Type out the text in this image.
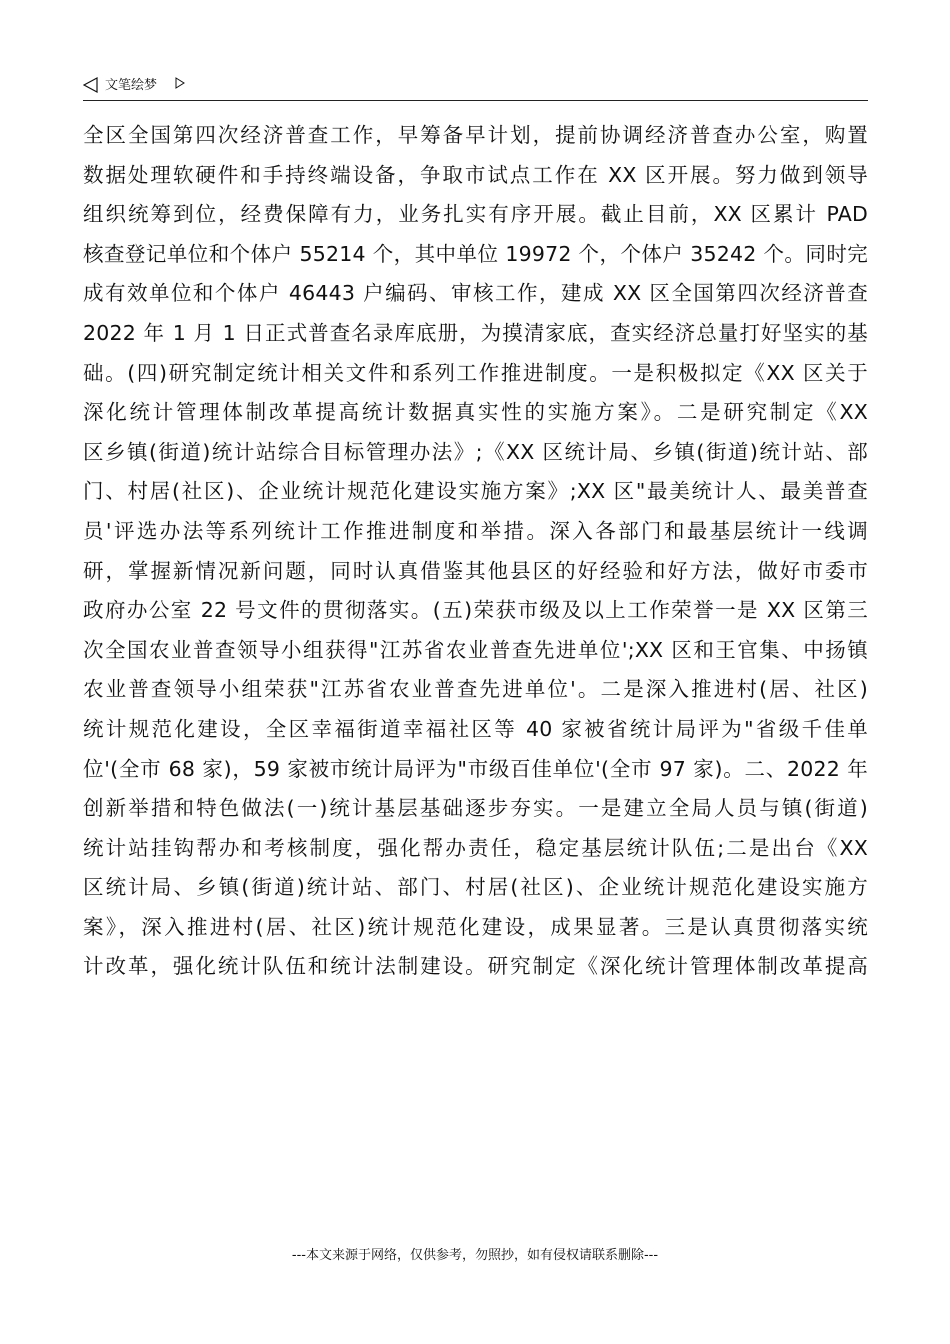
文笔绘梦
全区全国第四次经济普查工作，早筹备早计划，提前协调经济普查办公室，购置
数据处理软硬件和手持终端设备，争取市试点工作在 XX 区开展。努力做到领导
组织统筹到位，经费保障有力，业务扎实有序开展。截止目前，XX 区累计 PAD
核查登记单位和个体户 55214 个，其中单位 19972 个，个体户 35242 个。同时完
成有效单位和个体户 46443 户编码、审核工作，建成 XX 区全国第四次经济普查
2022 年 1 月 1 日正式普查名录库底册，为摸清家底，查实经济总量打好坚实的基
础。(四)研究制定统计相关文件和系列工作推进制度。一是积极拟定《XX 区关于
深化统计管理体制改革提高统计数据真实性的实施方案》。二是研究制定《XX
区乡镇(街道)统计站综合目标管理办法》;《XX 区统计局、乡镇(街道)统计站、部
门、村居(社区)、企业统计规范化建设实施方案》;XX 区"最美统计人、最美普查
员'评选办法等系列统计工作推进制度和举措。深入各部门和最基层统计一线调
研，掌握新情况新问题，同时认真借鉴其他县区的好经验和好方法，做好市委市
政府办公室 22 号文件的贯彻落实。(五)荣获市级及以上工作荣誉一是 XX 区第三
次全国农业普查领导小组获得"江苏省农业普查先进单位';XX 区和王官集、中扬镇
农业普查领导小组荣获"江苏省农业普查先进单位'。二是深入推进村(居、社区)
统计规范化建设，全区幸福街道幸福社区等 40 家被省统计局评为"省级千佳单
位'(全市 68 家)，59 家被市统计局评为"市级百佳单位'(全市 97 家)。二、2022 年
创新举措和特色做法(一)统计基层基础逐步夯实。一是建立全局人员与镇(街道)
统计站挂钩帮办和考核制度，强化帮办责任，稳定基层统计队伍;二是出台《XX
区统计局、乡镇(街道)统计站、部门、村居(社区)、企业统计规范化建设实施方
案》，深入推进村(居、社区)统计规范化建设，成果显著。三是认真贯彻落实统
计改革，强化统计队伍和统计法制建设。研究制定《深化统计管理体制改革提高
---本文来源于网络，仅供参考，勿照抄，如有侵权请联系删除---
